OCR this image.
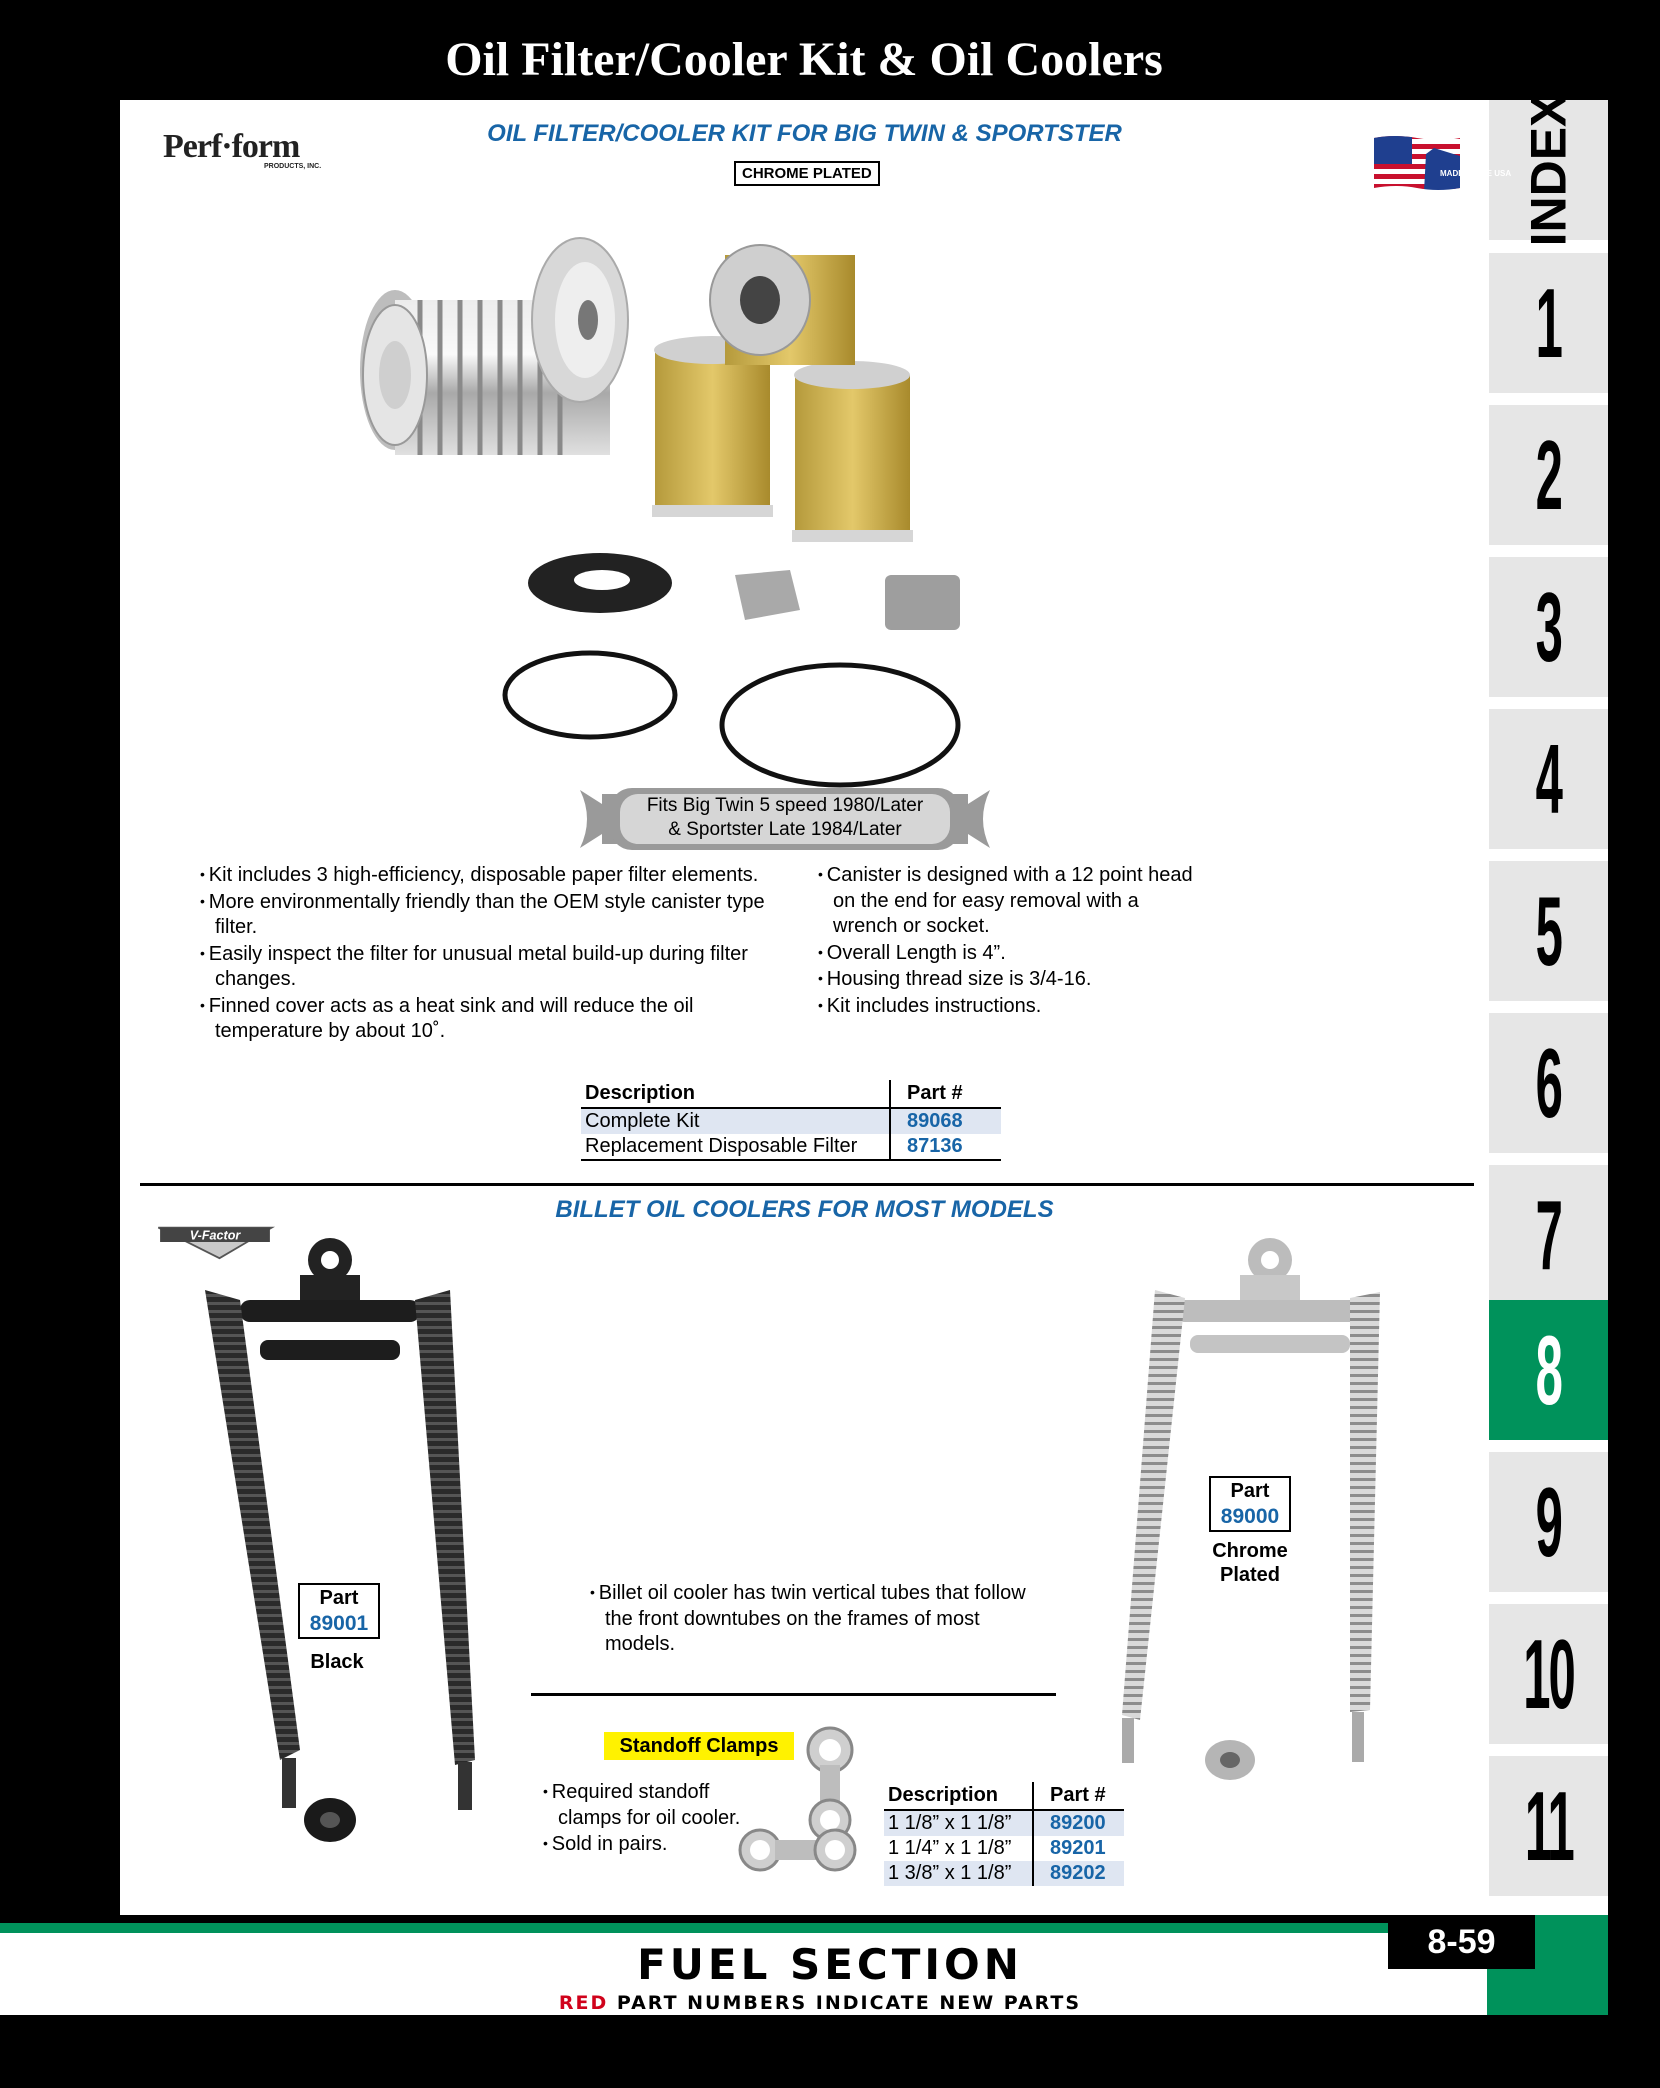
Oil Filter/Cooler Kit & Oil Coolers
INDEX
1
2
3
4
5
6
7
8
9
10
11
Perf·form
PRODUCTS, INC.
OIL FILTER/COOLER KIT FOR BIG TWIN & SPORTSTER
CHROME PLATED	MADE IN THE USA
Fits Big Twin 5 speed 1980/Later
& Sportster Late 1984/Later
• Kit includes 3 high-efficiency, disposable paper filter elements.
• More environmentally friendly than the OEM style canister type filter.
• Easily inspect the filter for unusual metal build-up during filter changes.
• Finned cover acts as a heat sink and will reduce the oil temperature by about 10˚.
• Canister is designed with a 12 point head on the end for easy removal with a wrench or socket.
• Overall Length is 4”.
• Housing thread size is 3/4-16.
• Kit includes instructions.
Description	Part #
Complete Kit	89068
Replacement Disposable Filter	87136
V-Factor
BILLET OIL COOLERS FOR MOST MODELS
Part
89001
Black
Part
89000
Chrome
Plated
• Billet oil cooler has twin vertical tubes that follow the front downtubes on the frames of most models.
Standoff Clamps
• Required standoff clamps for oil cooler.
• Sold in pairs.
Description	Part #
1 1/8” x 1 1/8”	89200
1 1/4” x 1 1/8”	89201
1 3/8” x 1 1/8”	89202
FUEL SECTION
RED PART NUMBERS INDICATE NEW PARTS
8-59
